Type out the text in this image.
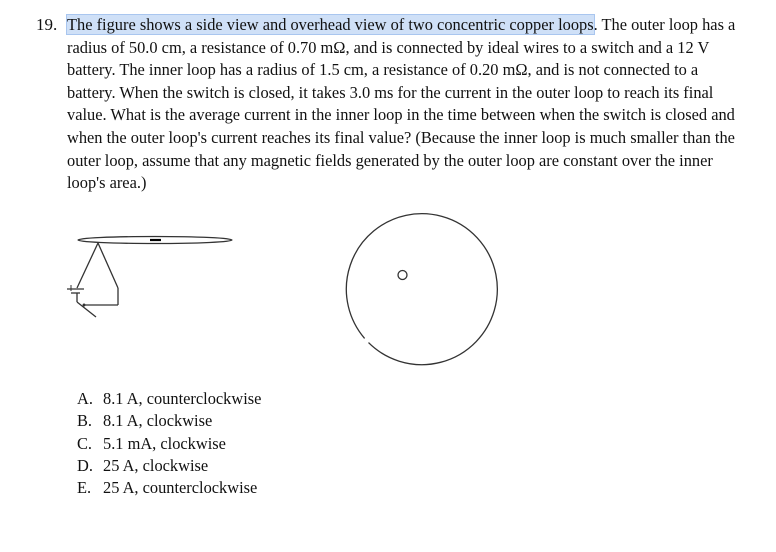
19. The figure shows a side view and overhead view of two concentric copper loops. The outer loop has a radius of 50.0 cm, a resistance of 0.70 mΩ, and is connected by ideal wires to a switch and a 12 V battery. The inner loop has a radius of 1.5 cm, a resistance of 0.20 mΩ, and is not connected to a battery. When the switch is closed, it takes 3.0 ms for the current in the outer loop to reach its final value. What is the average current in the inner loop in the time between when the switch is closed and when the outer loop's current reaches its final value? (Because the inner loop is much smaller than the outer loop, assume that any magnetic fields generated by the outer loop are constant over the inner loop's area.)
A. 8.1 A, counterclockwise
B. 8.1 A, clockwise
C. 5.1 mA, clockwise
D. 25 A, clockwise
E. 25 A, counterclockwise
